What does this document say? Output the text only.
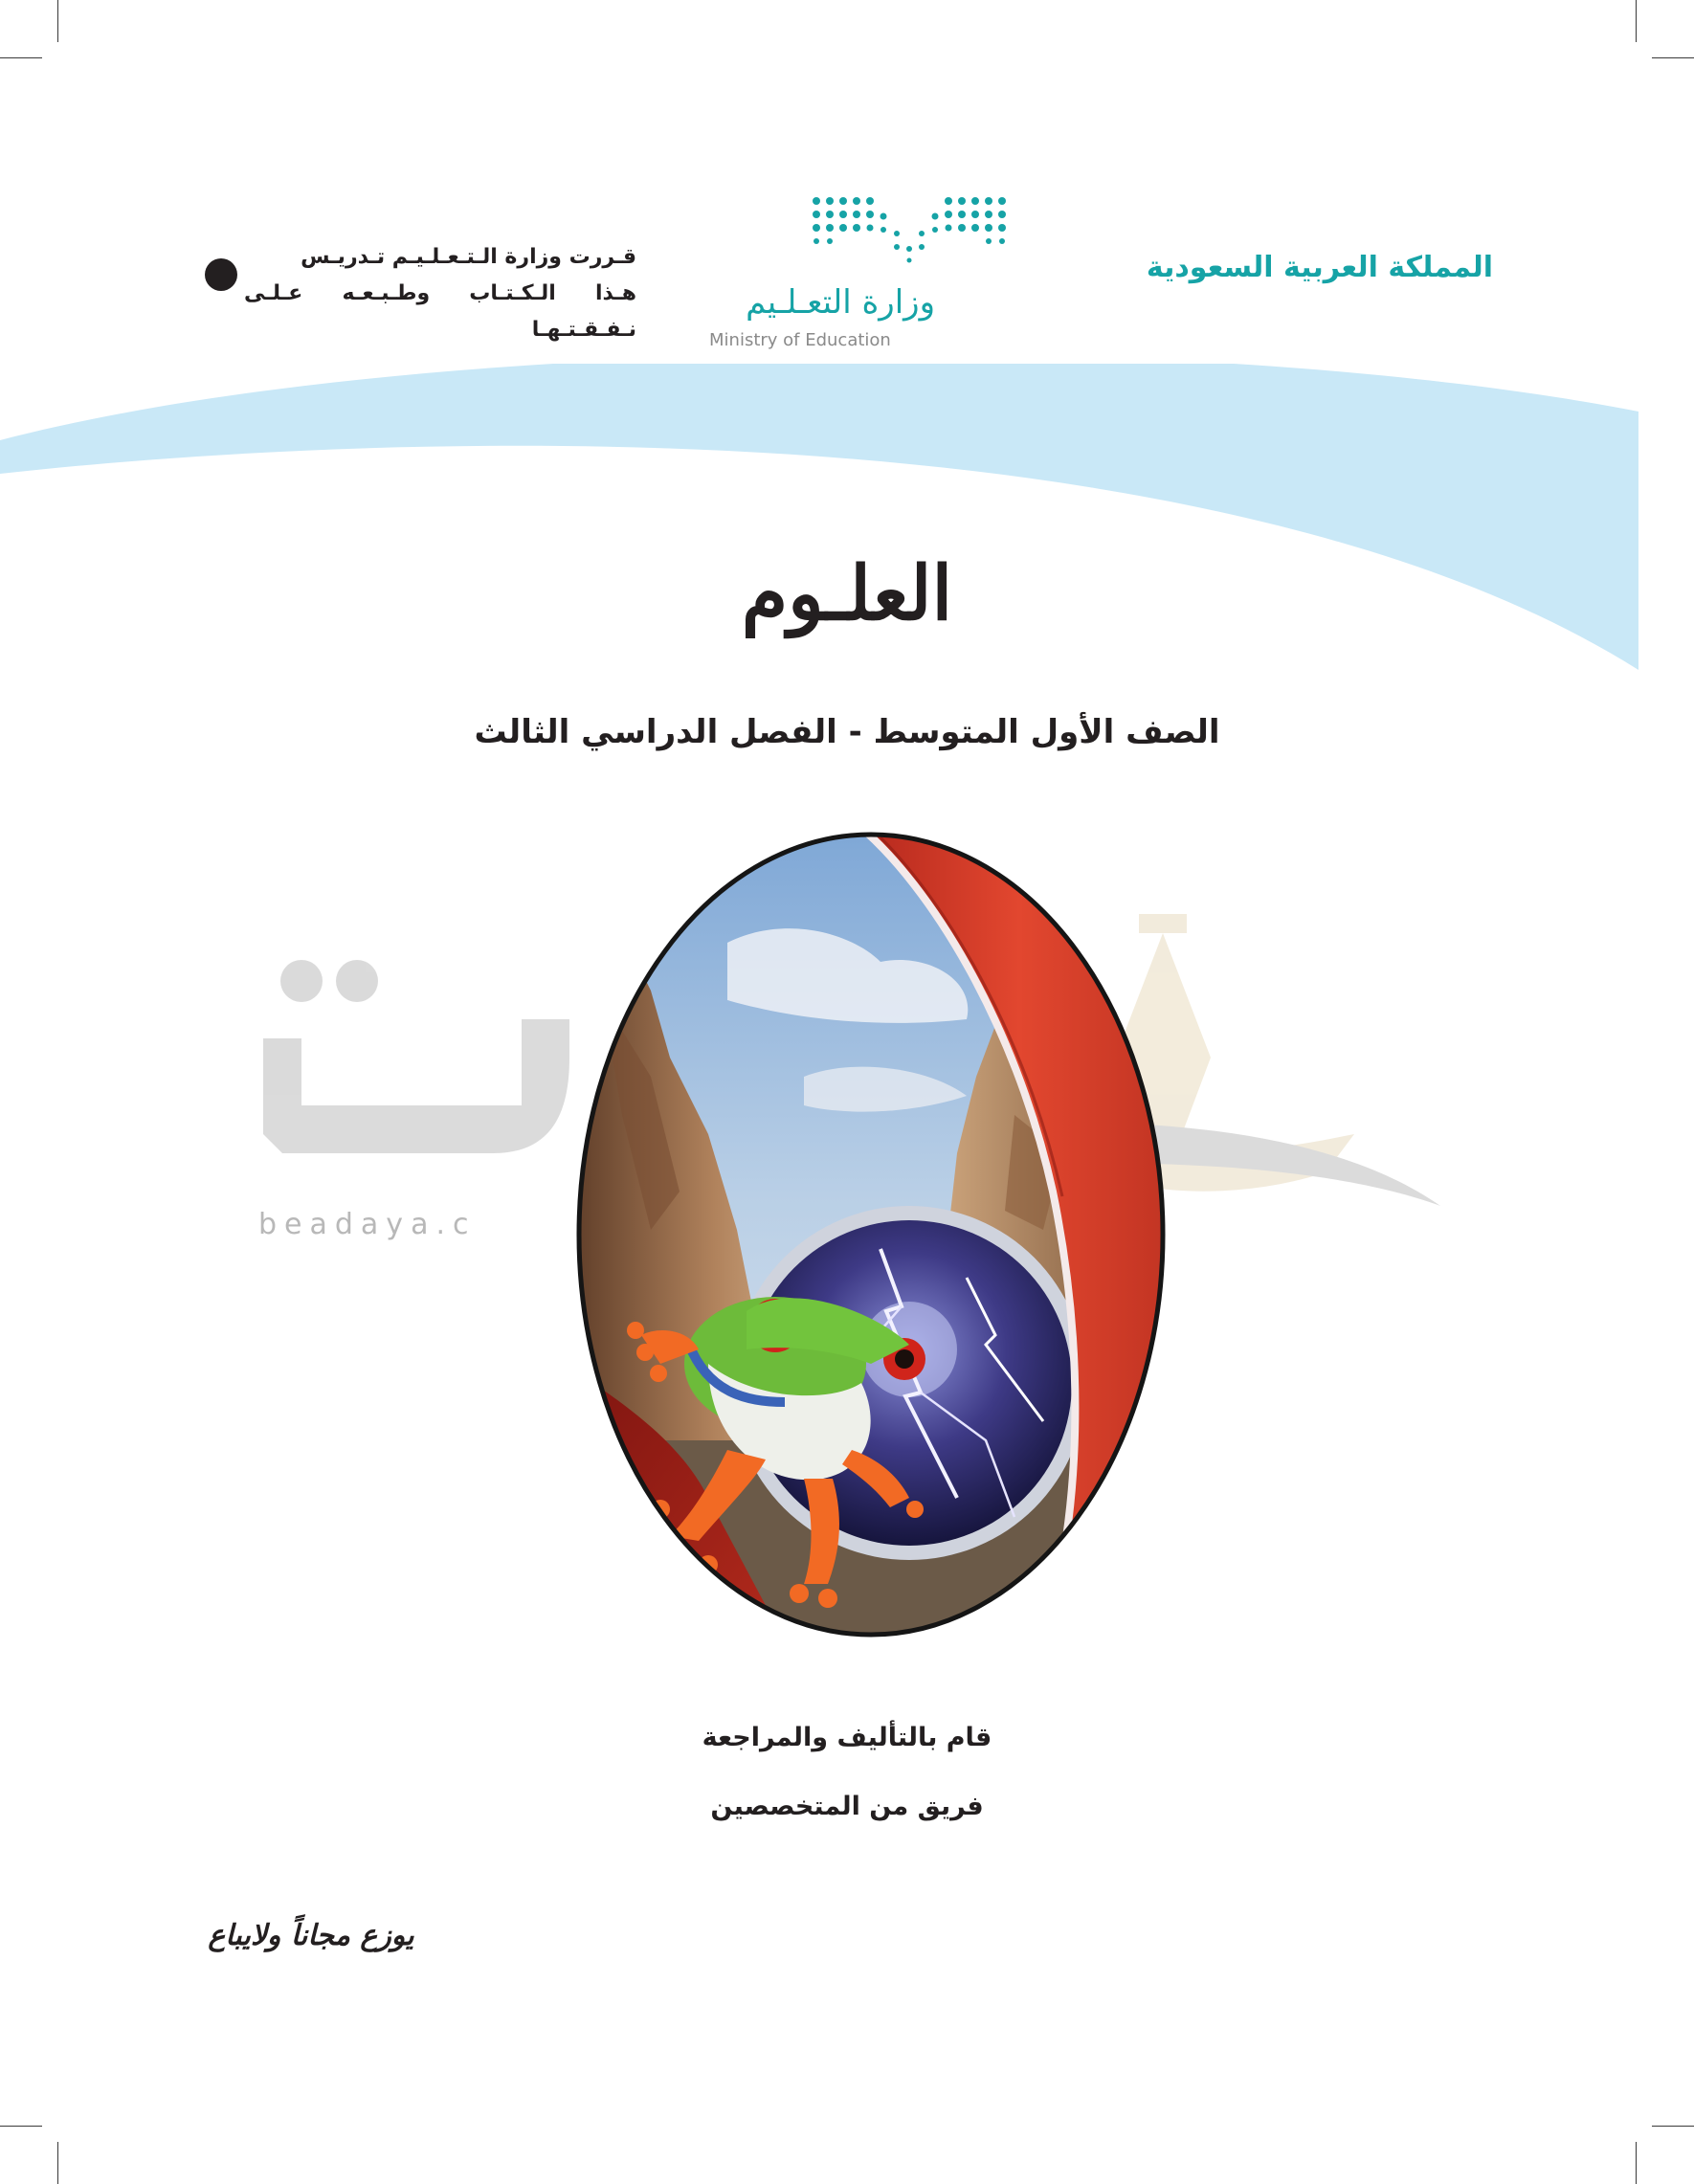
المملكة العربية السعودية
وزارة التعـلـيم
Ministry of Education
قـررت وزارة الـتـعـلـيـم تـدريـس
هـذا الـكـتـاب وطـبـعـه عـلـى نـفـقـتـهـا
العلـوم
الصف الأول المتوسط - الفصل الدراسي الثالث
beadaya.c
قام بالتأليف والمراجعة
فريق من المتخصصين
يوزع مجاناً ولايباع
